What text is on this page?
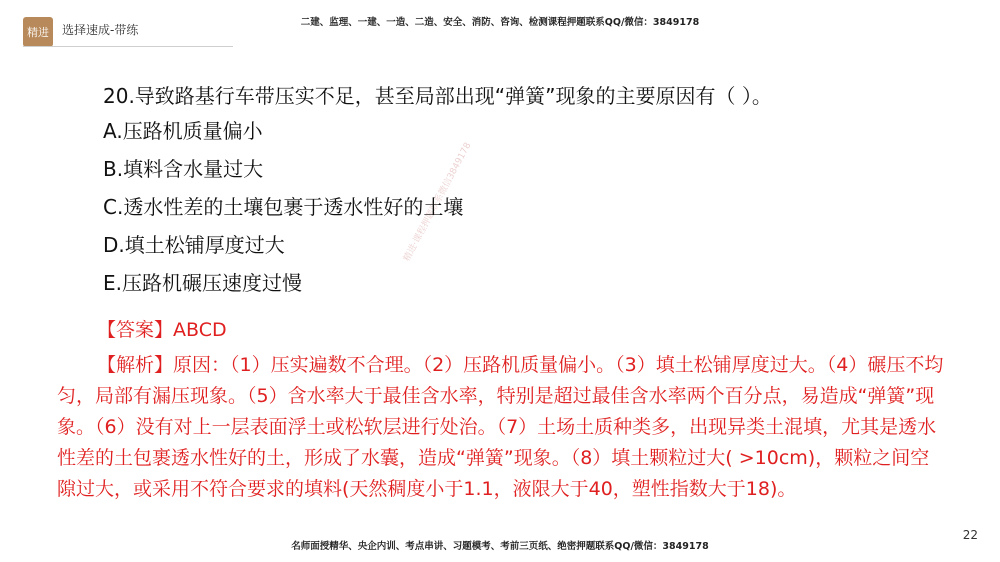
精进 选择速成-带练
二建、监理、一建、一造、二造、安全、消防、咨询、检测课程押题联系QQ/微信：3849178
精进·课程押题联系微信3849178
20.导致路基行车带压实不足，甚至局部出现“弹簧”现象的主要原因有（ ）。
A.压路机质量偏小
B.填料含水量过大
C.透水性差的土壤包裹于透水性好的土壤
D.填土松铺厚度过大
E.压路机碾压速度过慢
【答案】ABCD

【解析】原因：（1）压实遍数不合理。（2）压路机质量偏小。（3）填土松铺厚度过大。（4）碾压不均匀，局部有漏压现象。（5）含水率大于最佳含水率，特别是超过最佳含水率两个百分点，易造成“弹簧”现象。（6）没有对上一层表面浮土或松软层进行处治。（7）土场土质种类多，出现异类土混填，尤其是透水性差的土包裹透水性好的土，形成了水囊，造成“弹簧”现象。（8）填土颗粒过大( >10cm)，颗粒之间空隙过大，或采用不符合要求的填料(天然稠度小于1.1，液限大于40，塑性指数大于18)。

名师面授精华、央企内训、考点串讲、习题模考、考前三页纸、绝密押题联系QQ/微信：3849178
22
